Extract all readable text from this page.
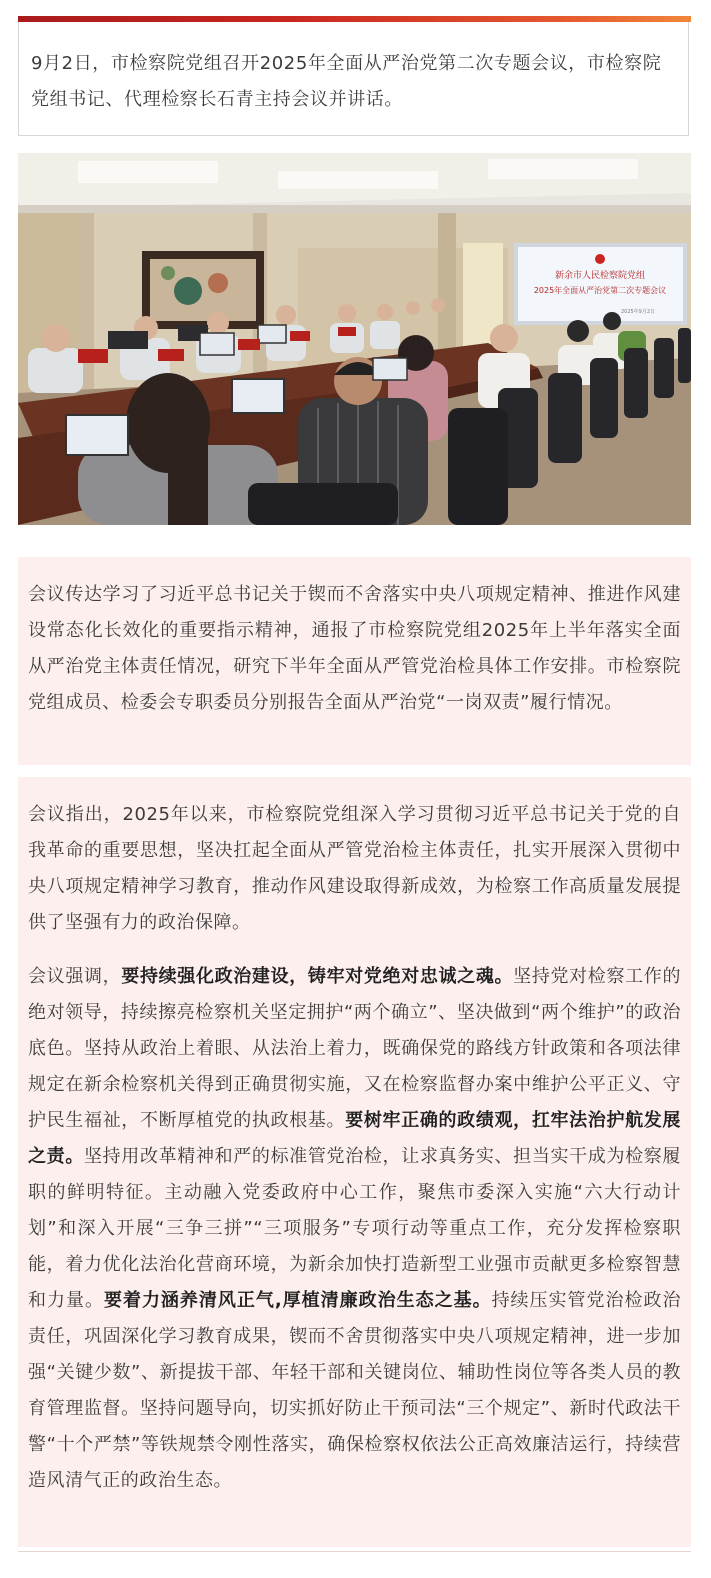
9月2日，市检察院党组召开2025年全面从严治党第二次专题会议，市检察院党组书记、代理检察长石青主持会议并讲话。
新余市人民检察院党组
2025年全面从严治党第二次专题会议
2025年9月2日

会议传达学习了习近平总书记关于锲而不舍落实中央八项规定精神、推进作风建设常态化长效化的重要指示精神，通报了市检察院党组2025年上半年落实全面从严治党主体责任情况，研究下半年全面从严管党治检具体工作安排。市检察院党组成员、检委会专职委员分别报告全面从严治党“一岗双责”履行情况。

会议指出，2025年以来，市检察院党组深入学习贯彻习近平总书记关于党的自我革命的重要思想，坚决扛起全面从严管党治检主体责任，扎实开展深入贯彻中央八项规定精神学习教育，推动作风建设取得新成效，为检察工作高质量发展提供了坚强有力的政治保障。

会议强调，要持续强化政治建设，铸牢对党绝对忠诚之魂。坚持党对检察工作的绝对领导，持续擦亮检察机关坚定拥护“两个确立”、坚决做到“两个维护”的政治底色。坚持从政治上着眼、从法治上着力，既确保党的路线方针政策和各项法律规定在新余检察机关得到正确贯彻实施，又在检察监督办案中维护公平正义、守护民生福祉，不断厚植党的执政根基。要树牢正确的政绩观，扛牢法治护航发展之责。坚持用改革精神和严的标准管党治检，让求真务实、担当实干成为检察履职的鲜明特征。主动融入党委政府中心工作，聚焦市委深入实施“六大行动计划”和深入开展“三争三拼”“三项服务”专项行动等重点工作，充分发挥检察职能，着力优化法治化营商环境，为新余加快打造新型工业强市贡献更多检察智慧和力量。要着力涵养清风正气,厚植清廉政治生态之基。持续压实管党治检政治责任，巩固深化学习教育成果，锲而不舍贯彻落实中央八项规定精神，进一步加强“关键少数”、新提拔干部、年轻干部和关键岗位、辅助性岗位等各类人员的教育管理监督。坚持问题导向，切实抓好防止干预司法“三个规定”、新时代政法干警“十个严禁”等铁规禁令刚性落实，确保检察权依法公正高效廉洁运行，持续营造风清气正的政治生态。
